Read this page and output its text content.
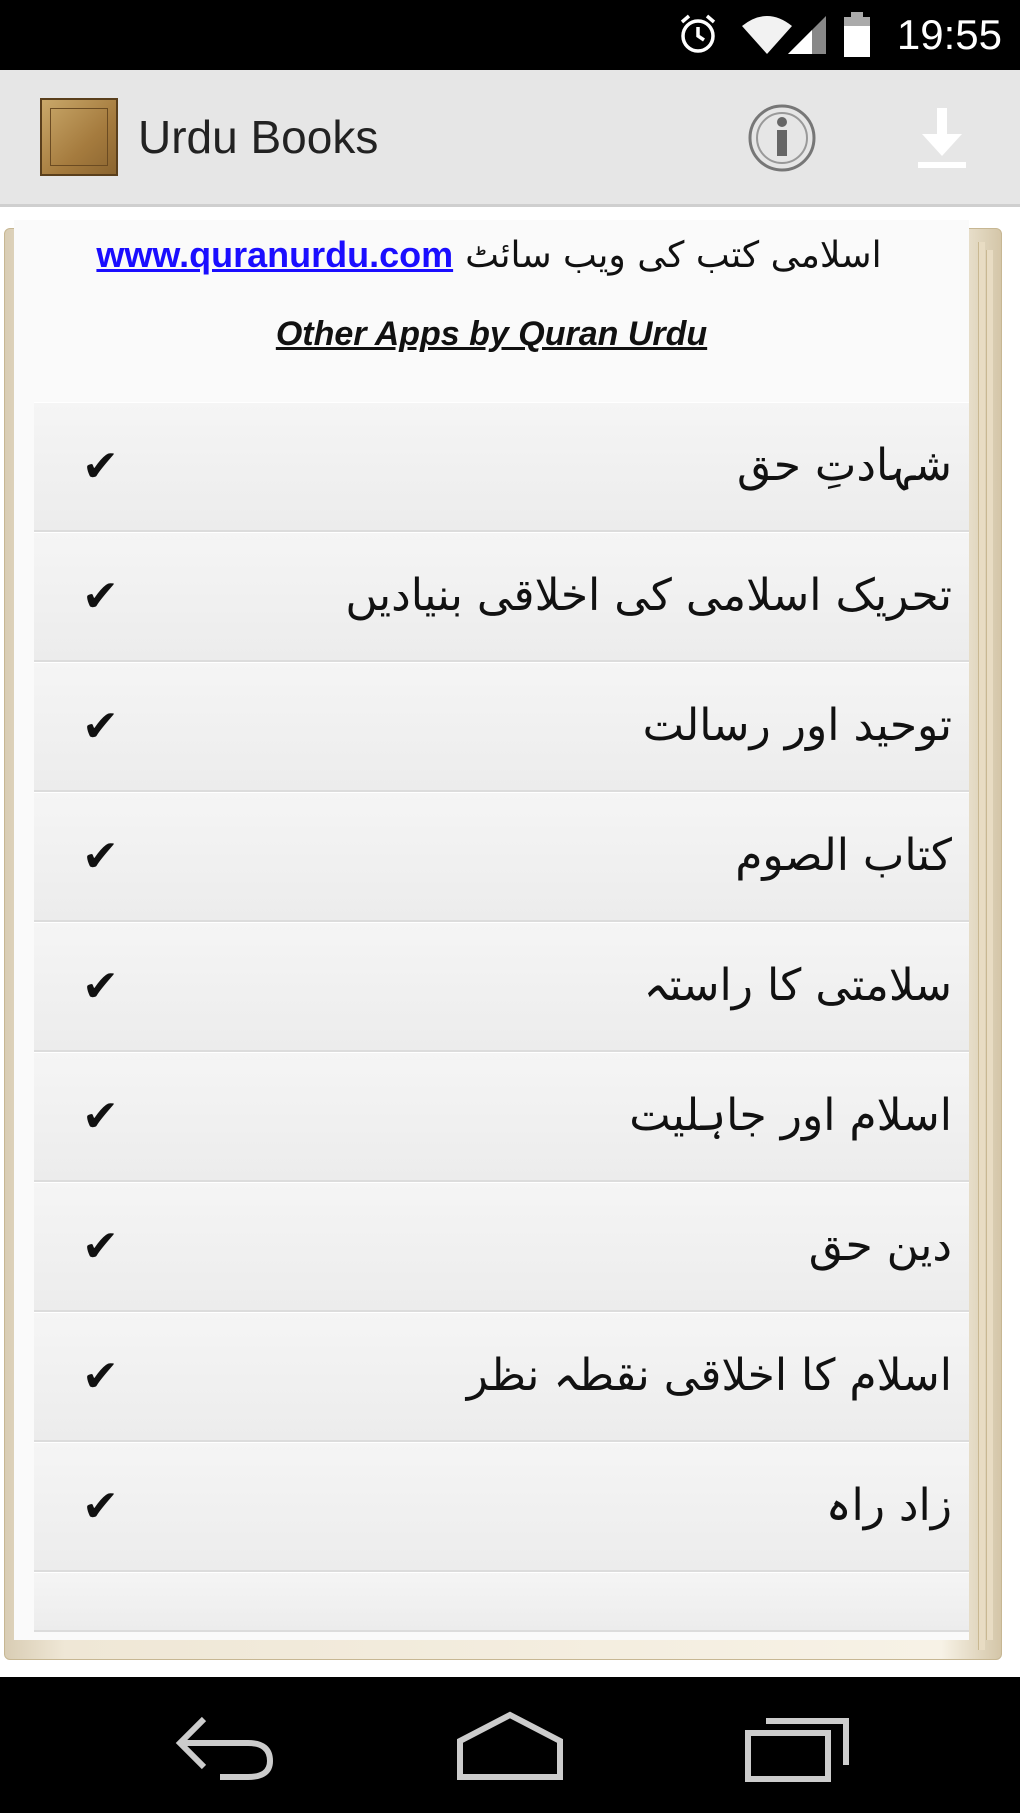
19:55
Urdu Books
www.quranurdu.com اسلامی کتب کی ویب سائٹ
Other Apps by Quran Urdu
✔	شہادتِ حق
✔	تحریک اسلامی کی اخلاقی بنیادیں
✔	توحید اور رسالت
✔	کتاب الصوم
✔	سلامتی کا راستہ
✔	اسلام اور جاہلیت
✔	دین حق
✔	اسلام کا اخلاقی نقطہ نظر
✔	زاد راہ
